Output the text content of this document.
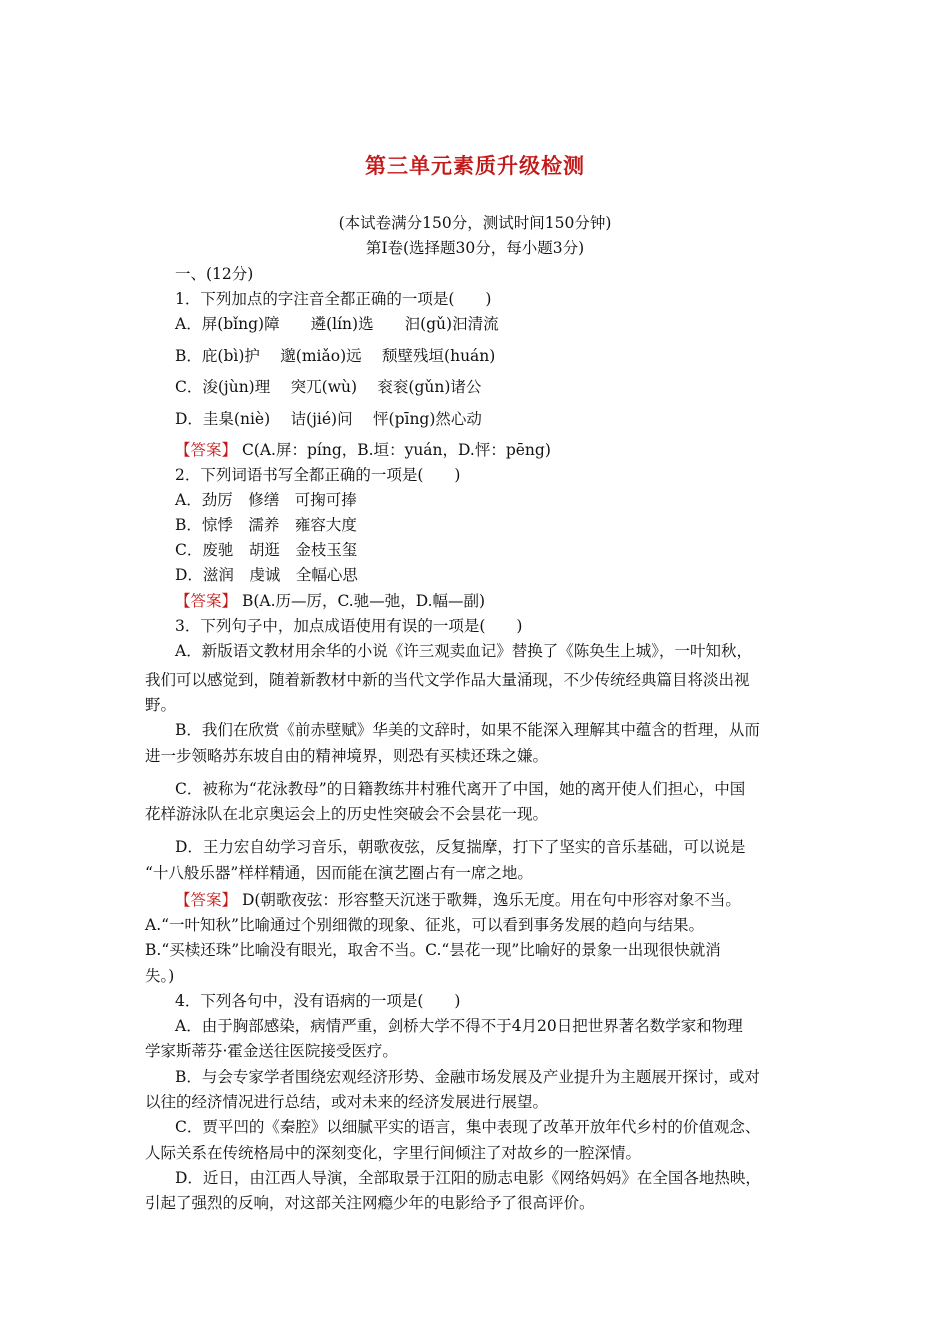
第三单元素质升级检测
(本试卷满分150分，测试时间150分钟)
第Ⅰ卷(选择题30分，每小题3分)
一、(12分)
1．下列加点的字注音全都正确的一项是(　　)
A．屏(bǐng)障　　遴(lín)选　　汩(gǔ)汩清流
B．庇(bì)护　 邈(miǎo)远　 颓壁残垣(huán)
C．浚(jùn)理　 突兀(wù)　 衮衮(gǔn)诸公
D．圭臬(niè)　 诘(jié)问　 怦(pīng)然心动
【答案】 C(A.屏：píng，B.垣：yuán，D.怦：pēng)
2．下列词语书写全都正确的一项是(　　)
A．劲厉　修缮　可掬可捧
B．惊悸　濡养　雍容大度
C．废驰　胡逛　金枝玉玺
D．滋润　虔诚　全幅心思
【答案】 B(A.历—厉，C.驰—弛，D.幅—副)
3．下列句子中，加点成语使用有误的一项是(　　)
A．新版语文教材用余华的小说《许三观卖血记》替换了《陈奂生上城》，一叶知秋，
我们可以感觉到，随着新教材中新的当代文学作品大量涌现，不少传统经典篇目将淡出视
野。
B．我们在欣赏《前赤壁赋》华美的文辞时，如果不能深入理解其中蕴含的哲理，从而
进一步领略苏东坡自由的精神境界，则恐有买椟还珠之嫌。
C．被称为“花泳教母”的日籍教练井村雅代离开了中国，她的离开使人们担心，中国
花样游泳队在北京奥运会上的历史性突破会不会昙花一现。
D．王力宏自幼学习音乐，朝歌夜弦，反复揣摩，打下了坚实的音乐基础，可以说是
“十八般乐器”样样精通，因而能在演艺圈占有一席之地。
【答案】 D(朝歌夜弦：形容整天沉迷于歌舞，逸乐无度。用在句中形容对象不当。
A.“一叶知秋”比喻通过个别细微的现象、征兆，可以看到事务发展的趋向与结果。
B.“买椟还珠”比喻没有眼光，取舍不当。C.“昙花一现”比喻好的景象一出现很快就消
失。)
4．下列各句中，没有语病的一项是(　　)
A．由于胸部感染，病情严重，剑桥大学不得不于4月20日把世界著名数学家和物理
学家斯蒂芬·霍金送往医院接受医疗。
B．与会专家学者围绕宏观经济形势、金融市场发展及产业提升为主题展开探讨，或对
以往的经济情况进行总结，或对未来的经济发展进行展望。
C．贾平凹的《秦腔》以细腻平实的语言，集中表现了改革开放年代乡村的价值观念、
人际关系在传统格局中的深刻变化，字里行间倾注了对故乡的一腔深情。
D．近日，由江西人导演，全部取景于江阳的励志电影《网络妈妈》在全国各地热映，
引起了强烈的反响，对这部关注网瘾少年的电影给予了很高评价。
